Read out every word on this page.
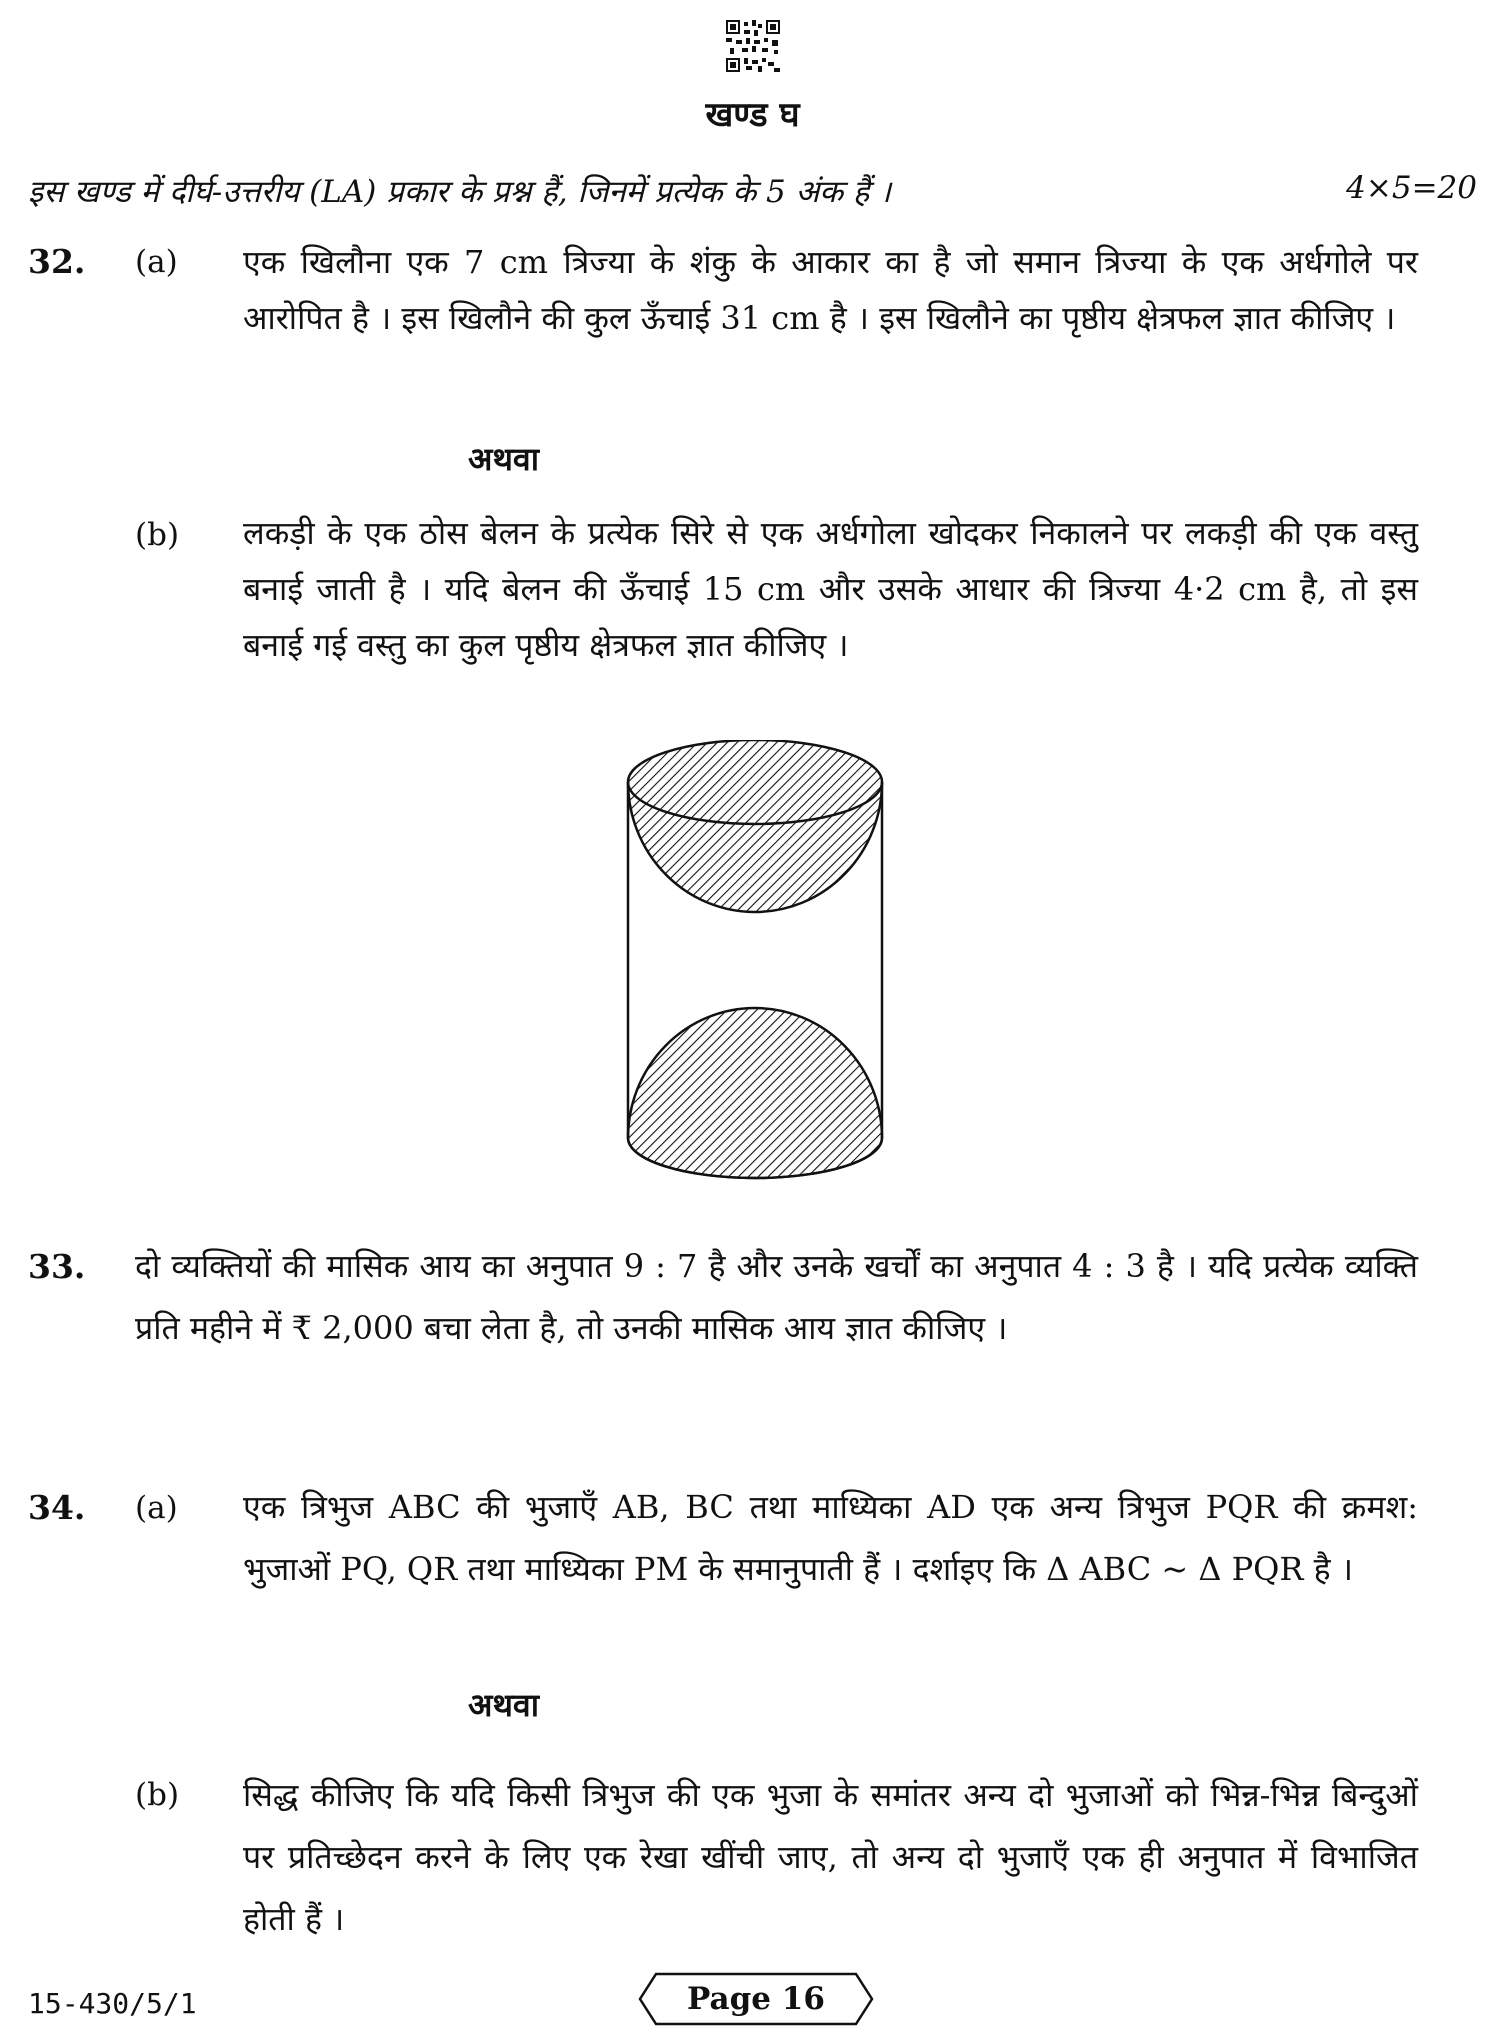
खण्ड घ
इस खण्ड में दीर्घ-उत्तरीय (LA) प्रकार के प्रश्न हैं, जिनमें प्रत्येक के 5 अंक हैं ।	4×5=20
32. (a) एक खिलौना एक 7 cm त्रिज्या के शंकु के आकार का है जो समान त्रिज्या के एक अर्धगोले पर आरोपित है । इस खिलौने की कुल ऊँचाई 31 cm है । इस खिलौने का पृष्ठीय क्षेत्रफल ज्ञात कीजिए ।
अथवा
(b) लकड़ी के एक ठोस बेलन के प्रत्येक सिरे से एक अर्धगोला खोदकर निकालने पर लकड़ी की एक वस्तु बनाई जाती है । यदि बेलन की ऊँचाई 15 cm और उसके आधार की त्रिज्या 4·2 cm है, तो इस बनाई गई वस्तु का कुल पृष्ठीय क्षेत्रफल ज्ञात कीजिए ।
33. दो व्यक्तियों की मासिक आय का अनुपात 9 : 7 है और उनके खर्चों का अनुपात 4 : 3 है । यदि प्रत्येक व्यक्ति प्रति महीने में ₹ 2,000 बचा लेता है, तो उनकी मासिक आय ज्ञात कीजिए ।
34. (a) एक त्रिभुज ABC की भुजाएँ AB, BC तथा माध्यिका AD एक अन्य त्रिभुज PQR की क्रमश: भुजाओं PQ, QR तथा माध्यिका PM के समानुपाती हैं । दर्शाइए कि Δ ABC ~ Δ PQR है ।
अथवा
(b) सिद्ध कीजिए कि यदि किसी त्रिभुज की एक भुजा के समांतर अन्य दो भुजाओं को भिन्न-भिन्न बिन्दुओं पर प्रतिच्छेदन करने के लिए एक रेखा खींची जाए, तो अन्य दो भुजाएँ एक ही अनुपात में विभाजित होती हैं ।
15-430/5/1	Page 16
